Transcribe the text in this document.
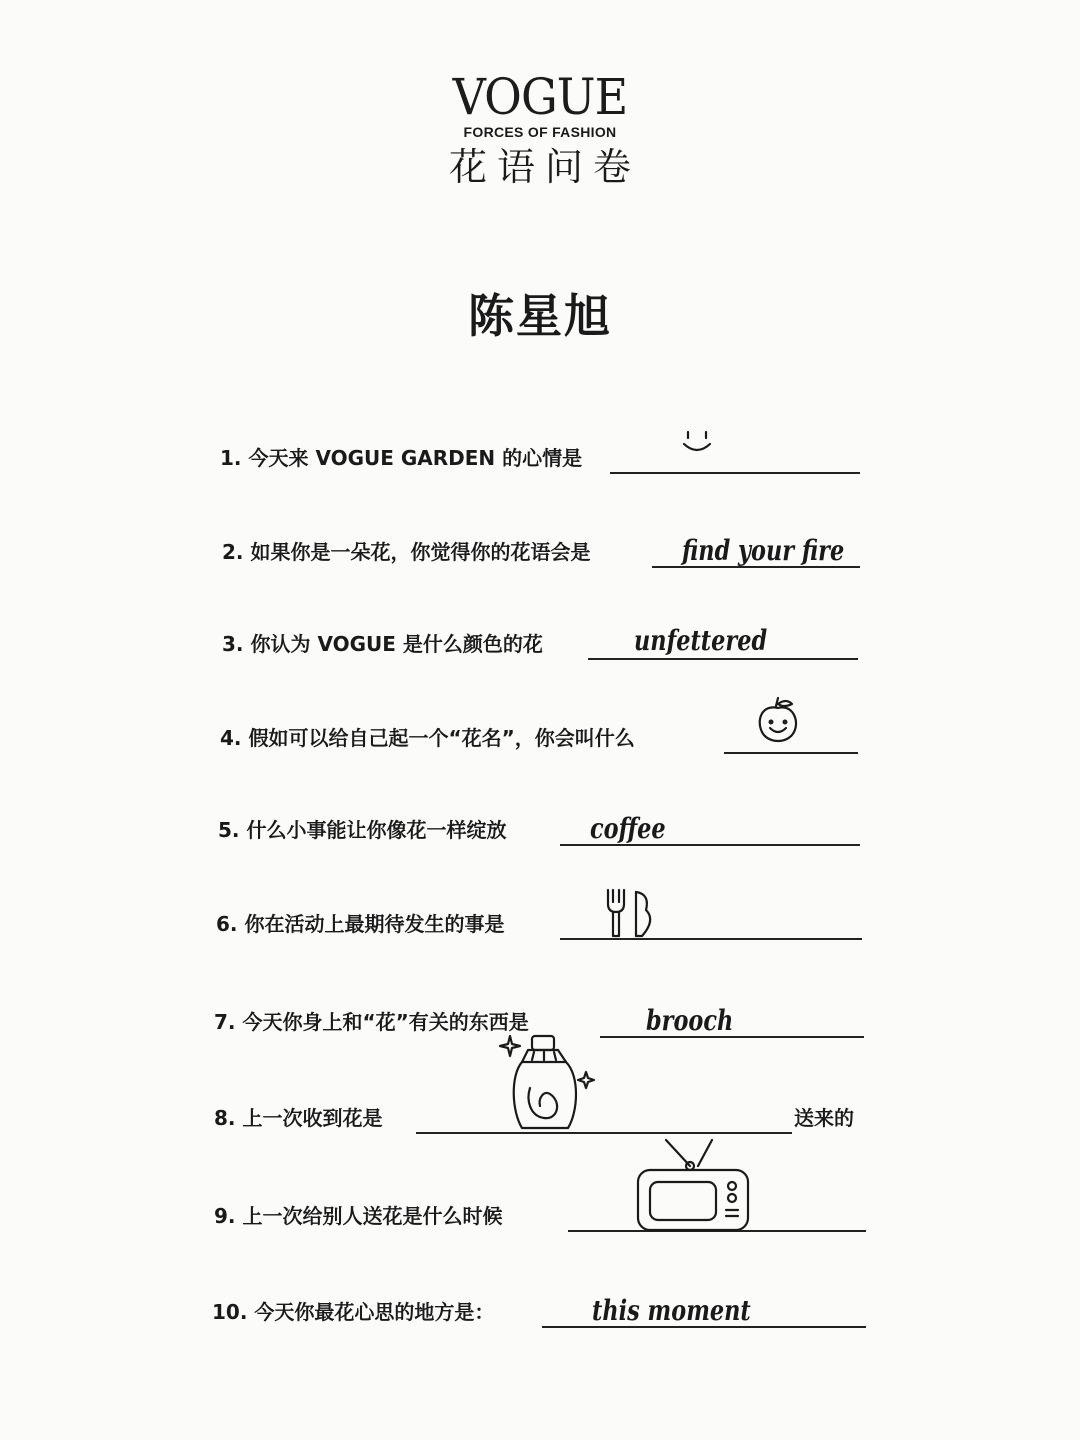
VOGUE
FORCES OF FASHION
花语问卷
陈星旭
1. 今天来 VOGUE GARDEN 的心情是
2. 如果你是一朵花，你觉得你的花语会是	find your fire
3. 你认为 VOGUE 是什么颜色的花	unfettered
4. 假如可以给自己起一个“花名”，你会叫什么
5. 什么小事能让你像花一样绽放	coffee
6. 你在活动上最期待发生的事是
7. 今天你身上和“花”有关的东西是	brooch
8. 上一次收到花是	送来的
9. 上一次给别人送花是什么时候
10. 今天你最花心思的地方是：	this moment
